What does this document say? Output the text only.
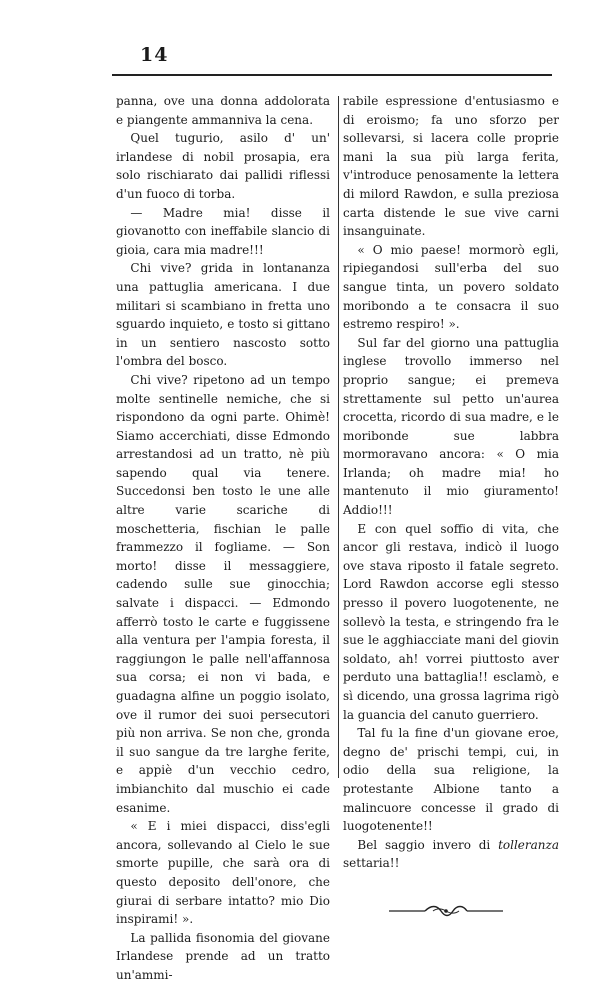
14

panna, ove una donna addolorata e piangente ammanniva la cena.

Quel tugurio, asilo d' un' irlandese di nobil prosapia, era solo rischiarato dai pallidi riflessi d'un fuoco di torba.

— Madre mia! disse il giovanotto con ineffabile slancio di gioia, cara mia madre!!!

Chi vive? grida in lontananza una pattuglia americana. I due militari si scambiano in fretta uno sguardo inquieto, e tosto si gittano in un sentiero nascosto sotto l'ombra del bosco.

Chi vive? ripetono ad un tempo molte sentinelle nemiche, che si rispondono da ogni parte. Ohimè! Siamo accerchiati, disse Edmondo arrestandosi ad un tratto, nè più sapendo qual via tenere. Succedonsi ben tosto le une alle altre varie scariche di moschetteria, fischian le palle frammezzo il fogliame. — Son morto! disse il messaggiere, cadendo sulle sue ginocchia; salvate i dispacci. — Edmondo afferrò tosto le carte e fuggissene alla ventura per l'ampia foresta, il raggiungon le palle nell'affannosa sua corsa; ei non vi bada, e guadagna alfine un poggio isolato, ove il rumor dei suoi persecutori più non arriva. Se non che, gronda il suo sangue da tre larghe ferite, e appiè d'un vecchio cedro, imbianchito dal muschio ei cade esanime.

« E i miei dispacci, diss'egli ancora, sollevando al Cielo le sue smorte pupille, che sarà ora di questo deposito dell'onore, che giurai di serbare intatto? mio Dio inspirami! ».

La pallida fisonomia del giovane Irlandese prende ad un tratto un'ammi-

rabile espressione d'entusiasmo e di eroismo; fa uno sforzo per sollevarsi, si lacera colle proprie mani la sua più larga ferita, v'introduce penosamente la lettera di milord Rawdon, e sulla preziosa carta distende le sue vive carni insanguinate.

« O mio paese! mormorò egli, ripiegandosi sull'erba del suo sangue tinta, un povero soldato moribondo a te consacra il suo estremo respiro! ».

Sul far del giorno una pattuglia inglese trovollo immerso nel proprio sangue; ei premeva strettamente sul petto un'aurea crocetta, ricordo di sua madre, e le moribonde sue labbra mormoravano ancora: « O mia Irlanda; oh madre mia! ho mantenuto il mio giuramento! Addio!!!

E con quel soffio di vita, che ancor gli restava, indicò il luogo ove stava riposto il fatale segreto. Lord Rawdon accorse egli stesso presso il povero luogotenente, ne sollevò la testa, e stringendo fra le sue le agghiacciate mani del giovin soldato, ah! vorrei piuttosto aver perduto una battaglia!! esclamò, e sì dicendo, una grossa lagrima rigò la guancia del canuto guerriero.

Tal fu la fine d'un giovane eroe, degno de' prischi tempi, cui, in odio della sua religione, la protestante Albione tanto a malincuore concesse il grado di luogotenente!!

Bel saggio invero di tolleranza settaria!!
